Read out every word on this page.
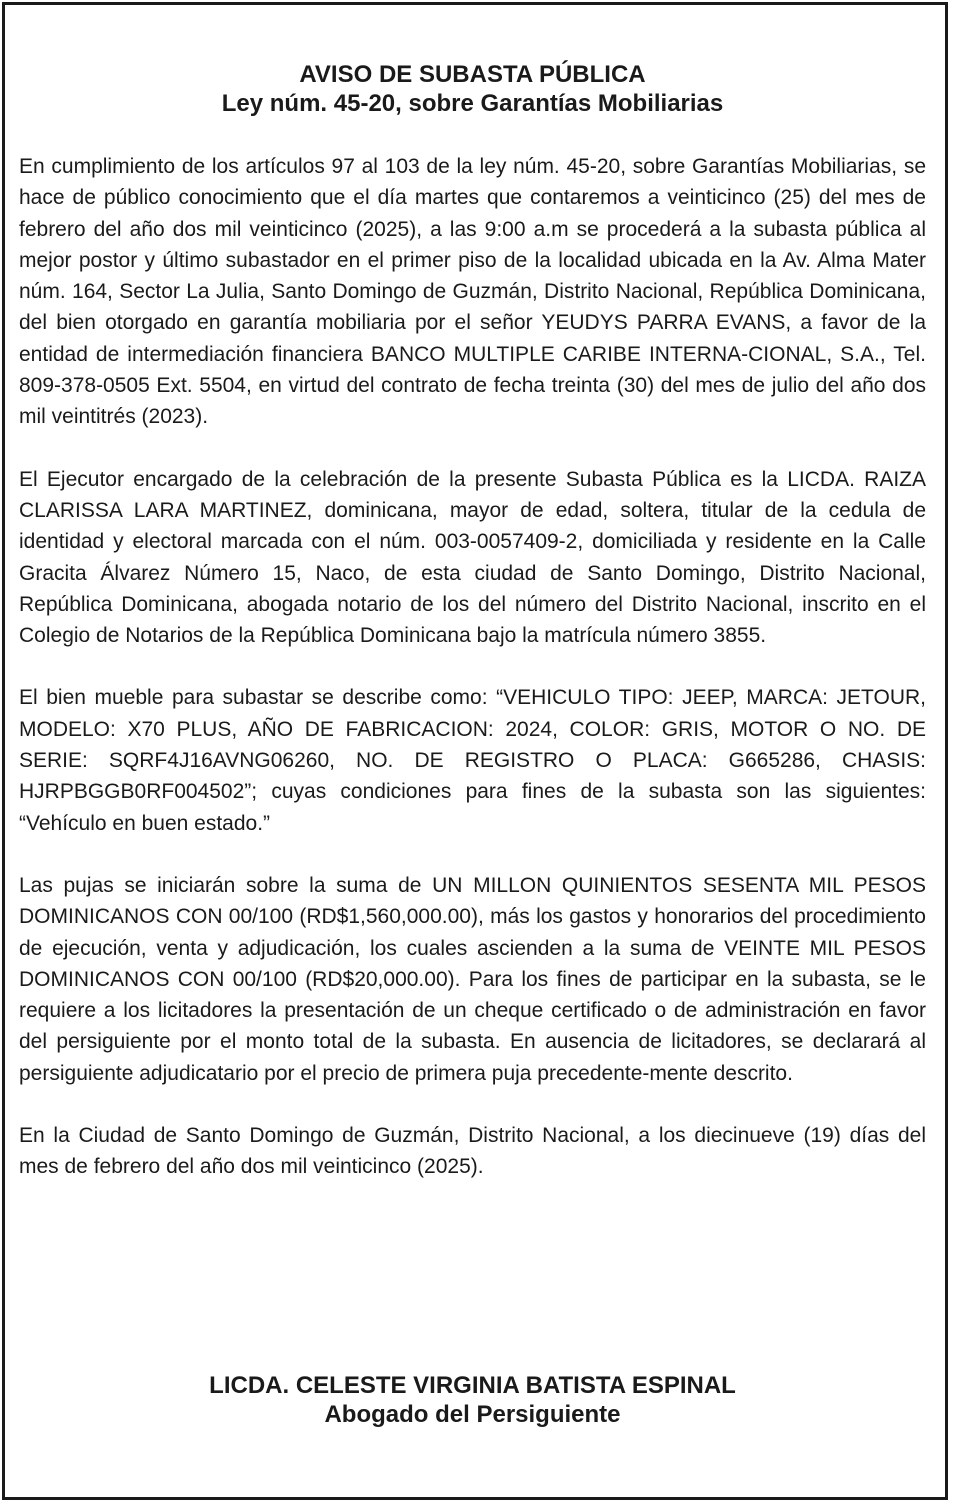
AVISO DE SUBASTA PÚBLICA
Ley núm. 45-20, sobre Garantías Mobiliarias

En cumplimiento de los artículos 97 al 103 de la ley núm. 45-20, sobre Garantías Mobiliarias, se hace de público conocimiento que el día martes que contaremos a veinticinco (25) del mes de febrero del año dos mil veinticinco (2025), a las 9:00 a.m se procederá a la subasta pública al mejor postor y último subastador en el primer piso de la localidad ubicada en la Av. Alma Mater núm. 164, Sector La Julia, Santo Domingo de Guzmán, Distrito Nacional, República Dominicana, del bien otorgado en garantía mobiliaria por el señor YEUDYS PARRA EVANS, a favor de la entidad de intermediación financiera BANCO MULTIPLE CARIBE INTERNA-CIONAL, S.A., Tel. 809-378-0505 Ext. 5504, en virtud del contrato de fecha treinta (30) del mes de julio del año dos mil veintitrés (2023).

El Ejecutor encargado de la celebración de la presente Subasta Pública es la LICDA. RAIZA CLARISSA LARA MARTINEZ, dominicana, mayor de edad, soltera, titular de la cedula de identidad y electoral marcada con el núm. 003-0057409-2, domiciliada y residente en la Calle Gracita Álvarez Número 15, Naco, de esta ciudad de Santo Domingo, Distrito Nacional, República Dominicana, abogada notario de los del número del Distrito Nacional, inscrito en el Colegio de Notarios de la República Dominicana bajo la matrícula número 3855.

El bien mueble para subastar se describe como: “VEHICULO TIPO: JEEP, MARCA: JETOUR, MODELO: X70 PLUS, AÑO DE FABRICACION: 2024, COLOR: GRIS, MOTOR O NO. DE SERIE: SQRF4J16AVNG06260, NO. DE REGISTRO O PLACA: G665286, CHASIS: HJRPBGGB0RF004502”; cuyas condiciones para fines de la subasta son las siguientes: “Vehículo en buen estado.”

Las pujas se iniciarán sobre la suma de UN MILLON QUINIENTOS SESENTA MIL PESOS DOMINICANOS CON 00/100 (RD$1,560,000.00), más los gastos y honorarios del procedimiento de ejecución, venta y adjudicación, los cuales ascienden a la suma de VEINTE MIL PESOS DOMINICANOS CON 00/100 (RD$20,000.00). Para los fines de participar en la subasta, se le requiere a los licitadores la presentación de un cheque certificado o de administración en favor del persiguiente por el monto total de la subasta. En ausencia de licitadores, se declarará al persiguiente adjudicatario por el precio de primera puja precedente-mente descrito.

En la Ciudad de Santo Domingo de Guzmán, Distrito Nacional, a los diecinueve (19) días del mes de febrero del año dos mil veinticinco (2025).

LICDA. CELESTE VIRGINIA BATISTA ESPINAL
Abogado del Persiguiente
